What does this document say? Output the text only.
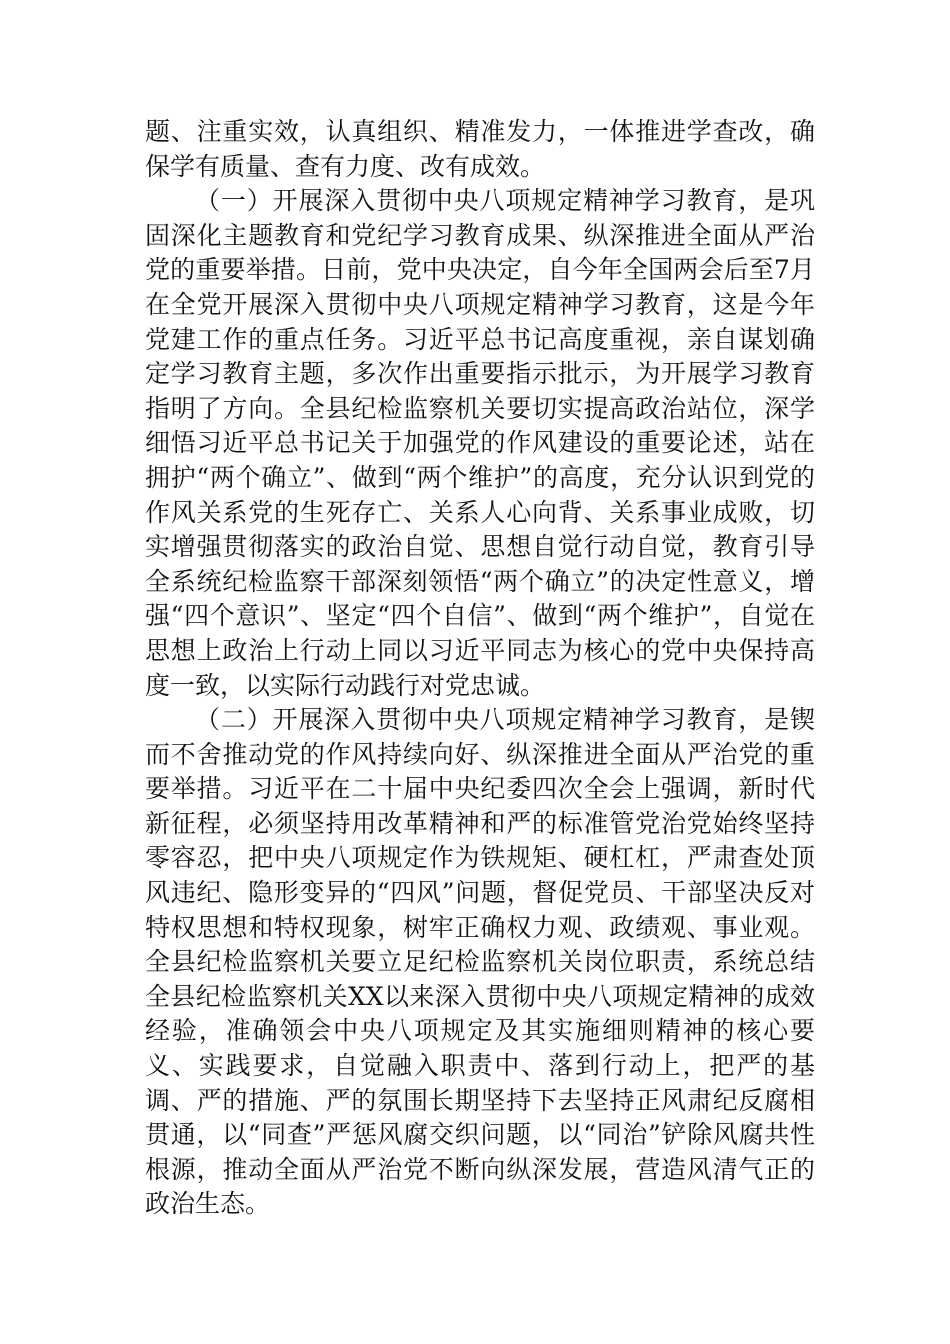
题、注重实效，认真组织、精准发力，一体推进学查改，确保学有质量、查有力度、改有成效。

（一）开展深入贯彻中央八项规定精神学习教育，是巩固深化主题教育和党纪学习教育成果、纵深推进全面从严治党的重要举措。日前，党中央决定，自今年全国两会后至7月在全党开展深入贯彻中央八项规定精神学习教育，这是今年党建工作的重点任务。习近平总书记高度重视，亲自谋划确定学习教育主题，多次作出重要指示批示，为开展学习教育指明了方向。全县纪检监察机关要切实提高政治站位，深学细悟习近平总书记关于加强党的作风建设的重要论述，站在拥护“两个确立”、做到“两个维护”的高度，充分认识到党的作风关系党的生死存亡、关系人心向背、关系事业成败，切实增强贯彻落实的政治自觉、思想自觉行动自觉，教育引导全系统纪检监察干部深刻领悟“两个确立”的决定性意义，增强“四个意识”、坚定“四个自信”、做到“两个维护”，自觉在思想上政治上行动上同以习近平同志为核心的党中央保持高度一致，以实际行动践行对党忠诚。

（二）开展深入贯彻中央八项规定精神学习教育，是锲而不舍推动党的作风持续向好、纵深推进全面从严治党的重要举措。习近平在二十届中央纪委四次全会上强调，新时代新征程，必须坚持用改革精神和严的标准管党治党始终坚持零容忍，把中央八项规定作为铁规矩、硬杠杠，严肃查处顶风违纪、隐形变异的“四风”问题，督促党员、干部坚决反对特权思想和特权现象，树牢正确权力观、政绩观、事业观。全县纪检监察机关要立足纪检监察机关岗位职责，系统总结全县纪检监察机关XX以来深入贯彻中央八项规定精神的成效经验，准确领会中央八项规定及其实施细则精神的核心要义、实践要求，自觉融入职责中、落到行动上，把严的基调、严的措施、严的氛围长期坚持下去坚持正风肃纪反腐相贯通，以“同查”严惩风腐交织问题，以“同治”铲除风腐共性根源，推动全面从严治党不断向纵深发展，营造风清气正的政治生态。
